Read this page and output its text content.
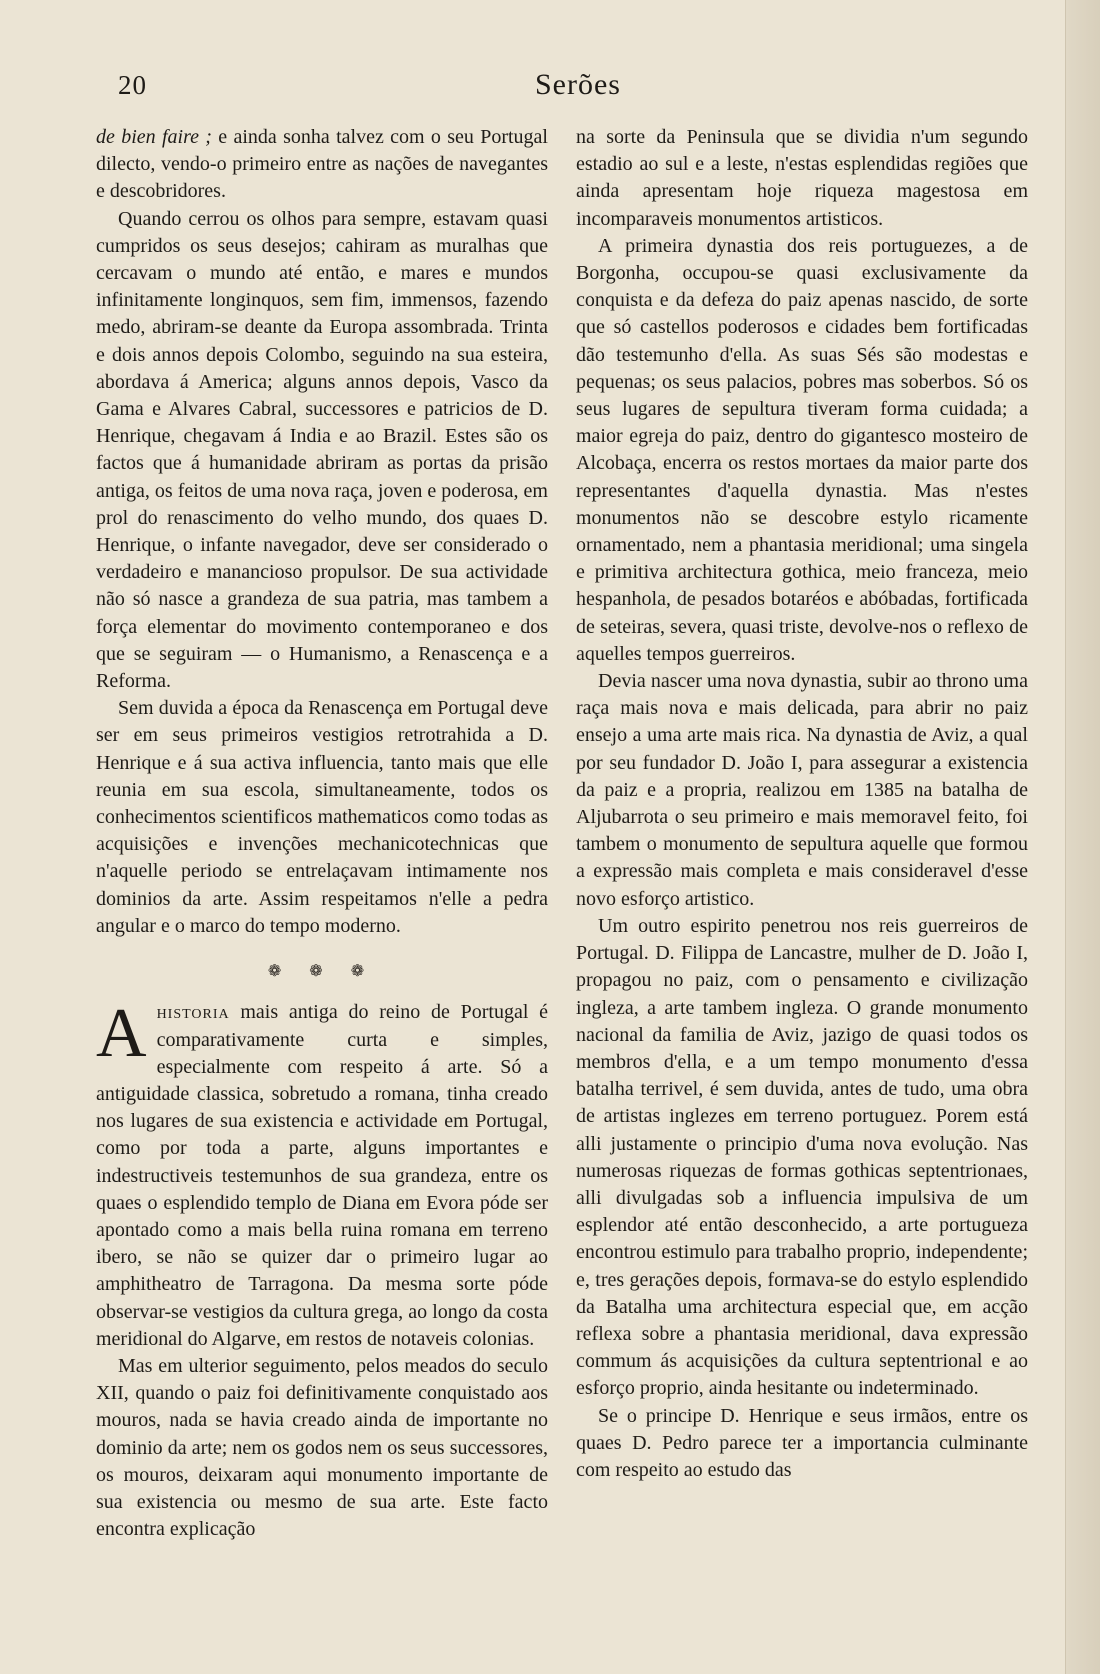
20	Serões

de bien faire ; e ainda sonha talvez com o seu Portugal dilecto, vendo-o primeiro entre as nações de navegantes e descobridores.

Quando cerrou os olhos para sempre, estavam quasi cumpridos os seus desejos; cahiram as muralhas que cercavam o mundo até então, e mares e mundos infinitamente longinquos, sem fim, immensos, fazendo medo, abriram-se deante da Europa assombrada. Trinta e dois annos depois Colombo, seguindo na sua esteira, abordava á America; alguns annos depois, Vasco da Gama e Alvares Cabral, successores e patricios de D. Henrique, chegavam á India e ao Brazil. Estes são os factos que á humanidade abriram as portas da prisão antiga, os feitos de uma nova raça, joven e poderosa, em prol do renascimento do velho mundo, dos quaes D. Henrique, o infante navegador, deve ser considerado o verdadeiro e manancioso propulsor. De sua actividade não só nasce a grandeza de sua patria, mas tambem a força elementar do movimento contemporaneo e dos que se seguiram — o Humanismo, a Renascença e a Reforma.

Sem duvida a época da Renascença em Portugal deve ser em seus primeiros vestigios retrotrahida a D. Henrique e á sua activa influencia, tanto mais que elle reunia em sua escola, simultaneamente, todos os conhecimentos scientificos mathematicos como todas as acquisições e invenções mechanicotechnicas que n'aquelle periodo se entrelaçavam intimamente nos dominios da arte. Assim respeitamos n'elle a pedra angular e o marco do tempo moderno.

❁ ❁ ❁

Ahistoria mais antiga do reino de Portugal é comparativamente curta e simples, especialmente com respeito á arte. Só a antiguidade classica, sobretudo a romana, tinha creado nos lugares de sua existencia e actividade em Portugal, como por toda a parte, alguns importantes e indestructiveis testemunhos de sua grandeza, entre os quaes o esplendido templo de Diana em Evora póde ser apontado como a mais bella ruina romana em terreno ibero, se não se quizer dar o primeiro lugar ao amphitheatro de Tarragona. Da mesma sorte póde observar-se vestigios da cultura grega, ao longo da costa meridional do Algarve, em restos de notaveis colonias.

Mas em ulterior seguimento, pelos meados do seculo XII, quando o paiz foi definitivamente conquistado aos mouros, nada se havia creado ainda de importante no dominio da arte; nem os godos nem os seus successores, os mouros, deixaram aqui monumento importante de sua existencia ou mesmo de sua arte. Este facto encontra explicação

na sorte da Peninsula que se dividia n'um segundo estadio ao sul e a leste, n'estas esplendidas regiões que ainda apresentam hoje riqueza magestosa em incomparaveis monumentos artisticos.

A primeira dynastia dos reis portuguezes, a de Borgonha, occupou-se quasi exclusivamente da conquista e da defeza do paiz apenas nascido, de sorte que só castellos poderosos e cidades bem fortificadas dão testemunho d'ella. As suas Sés são modestas e pequenas; os seus palacios, pobres mas soberbos. Só os seus lugares de sepultura tiveram forma cuidada; a maior egreja do paiz, dentro do gigantesco mosteiro de Alcobaça, encerra os restos mortaes da maior parte dos representantes d'aquella dynastia. Mas n'estes monumentos não se descobre estylo ricamente ornamentado, nem a phantasia meridional; uma singela e primitiva architectura gothica, meio franceza, meio hespanhola, de pesados botaréos e abóbadas, fortificada de seteiras, severa, quasi triste, devolve-nos o reflexo de aquelles tempos guerreiros.

Devia nascer uma nova dynastia, subir ao throno uma raça mais nova e mais delicada, para abrir no paiz ensejo a uma arte mais rica. Na dynastia de Aviz, a qual por seu fundador D. João I, para assegurar a existencia da paiz e a propria, realizou em 1385 na batalha de Aljubarrota o seu primeiro e mais memoravel feito, foi tambem o monumento de sepultura aquelle que formou a expressão mais completa e mais consideravel d'esse novo esforço artistico.

Um outro espirito penetrou nos reis guerreiros de Portugal. D. Filippa de Lancastre, mulher de D. João I, propagou no paiz, com o pensamento e civilização ingleza, a arte tambem ingleza. O grande monumento nacional da familia de Aviz, jazigo de quasi todos os membros d'ella, e a um tempo monumento d'essa batalha terrivel, é sem duvida, antes de tudo, uma obra de artistas inglezes em terreno portuguez. Porem está alli justamente o principio d'uma nova evolução. Nas numerosas riquezas de formas gothicas septentrionaes, alli divulgadas sob a influencia impulsiva de um esplendor até então desconhecido, a arte portugueza encontrou estimulo para trabalho proprio, independente; e, tres gerações depois, formava-se do estylo esplendido da Batalha uma architectura especial que, em acção reflexa sobre a phantasia meridional, dava expressão commum ás acquisições da cultura septentrional e ao esforço proprio, ainda hesitante ou indeterminado.

Se o principe D. Henrique e seus irmãos, entre os quaes D. Pedro parece ter a importancia culminante com respeito ao estudo das
